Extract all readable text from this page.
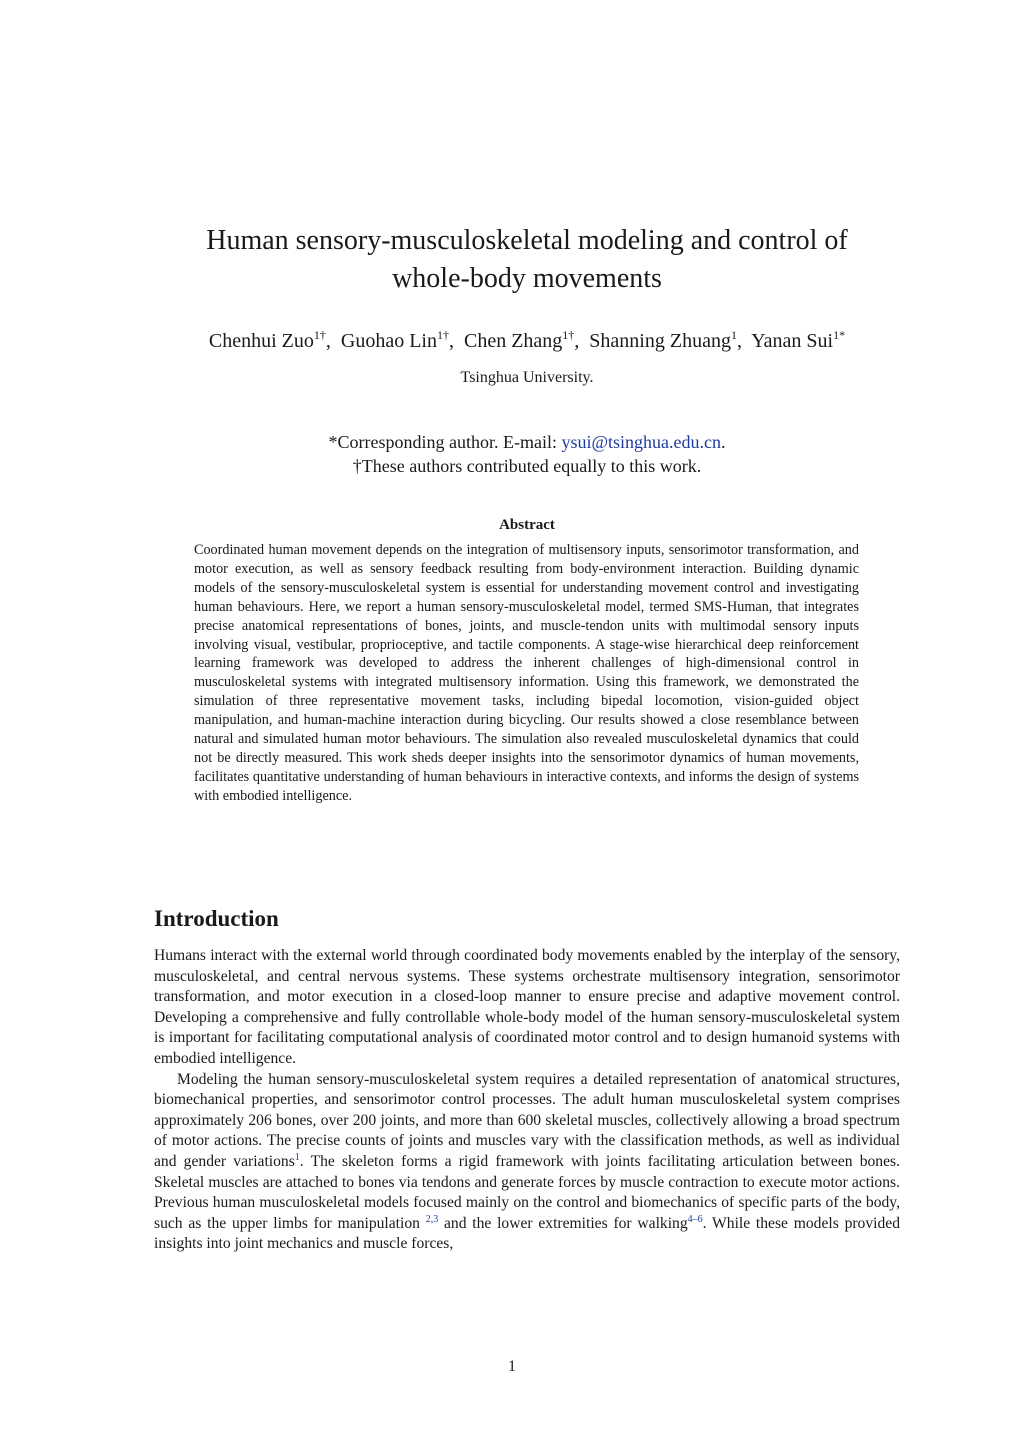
Human sensory-musculoskeletal modeling and control of
whole-body movements
Chenhui Zuo$^{1\dagger}$, Guohao Lin$^{1\dagger}$, Chen Zhang$^{1\dagger}$, Shanning Zhuang$^1$, Yanan Sui$^{1*}$
Tsinghua University.
*Corresponding author. E-mail: ysui@tsinghua.edu.cn.
†These authors contributed equally to this work.
Abstract

Coordinated human movement depends on the integration of multisensory inputs, sensorimotor transformation, and motor execution, as well as sensory feedback resulting from body-environment interaction. Building dynamic models of the sensory-musculoskeletal system is essential for understanding movement control and investigating human behaviours. Here, we report a human sensory-musculoskeletal model, termed SMS-Human, that integrates precise anatomical representations of bones, joints, and muscle-tendon units with multimodal sensory inputs involving visual, vestibular, proprioceptive, and tactile components. A stage-wise hierarchical deep reinforcement learning framework was developed to address the inherent challenges of high-dimensional control in musculoskeletal systems with integrated multisensory information. Using this framework, we demonstrated the simulation of three representative movement tasks, including bipedal locomotion, vision-guided object manipulation, and human-machine interaction during bicycling. Our results showed a close resemblance between natural and simulated human motor behaviours. The simulation also revealed musculoskeletal dynamics that could not be directly measured. This work sheds deeper insights into the sensorimotor dynamics of human movements, facilitates quantitative understanding of human behaviours in interactive contexts, and informs the design of systems with embodied intelligence.

Introduction

Humans interact with the external world through coordinated body movements enabled by the interplay of the sensory, musculoskeletal, and central nervous systems. These systems orchestrate multisensory integration, sensorimotor transformation, and motor execution in a closed-loop manner to ensure precise and adaptive movement control. Developing a comprehensive and fully controllable whole-body model of the human sensory-musculoskeletal system is important for facilitating computational analysis of coordinated motor control and to design humanoid systems with embodied intelligence.

Modeling the human sensory-musculoskeletal system requires a detailed representation of anatomical structures, biomechanical properties, and sensorimotor control processes. The adult human musculoskeletal system comprises approximately 206 bones, over 200 joints, and more than 600 skeletal muscles, collectively allowing a broad spectrum of motor actions. The precise counts of joints and muscles vary with the classification methods, as well as individual and gender variations$^1$. The skeleton forms a rigid framework with joints facilitating articulation between bones. Skeletal muscles are attached to bones via tendons and generate forces by muscle contraction to execute motor actions. Previous human musculoskeletal models focused mainly on the control and biomechanics of specific parts of the body, such as the upper limbs for manipulation $^{2,3}$ and the lower extremities for walking$^{4-6}$. While these models provided insights into joint mechanics and muscle forces,

1
